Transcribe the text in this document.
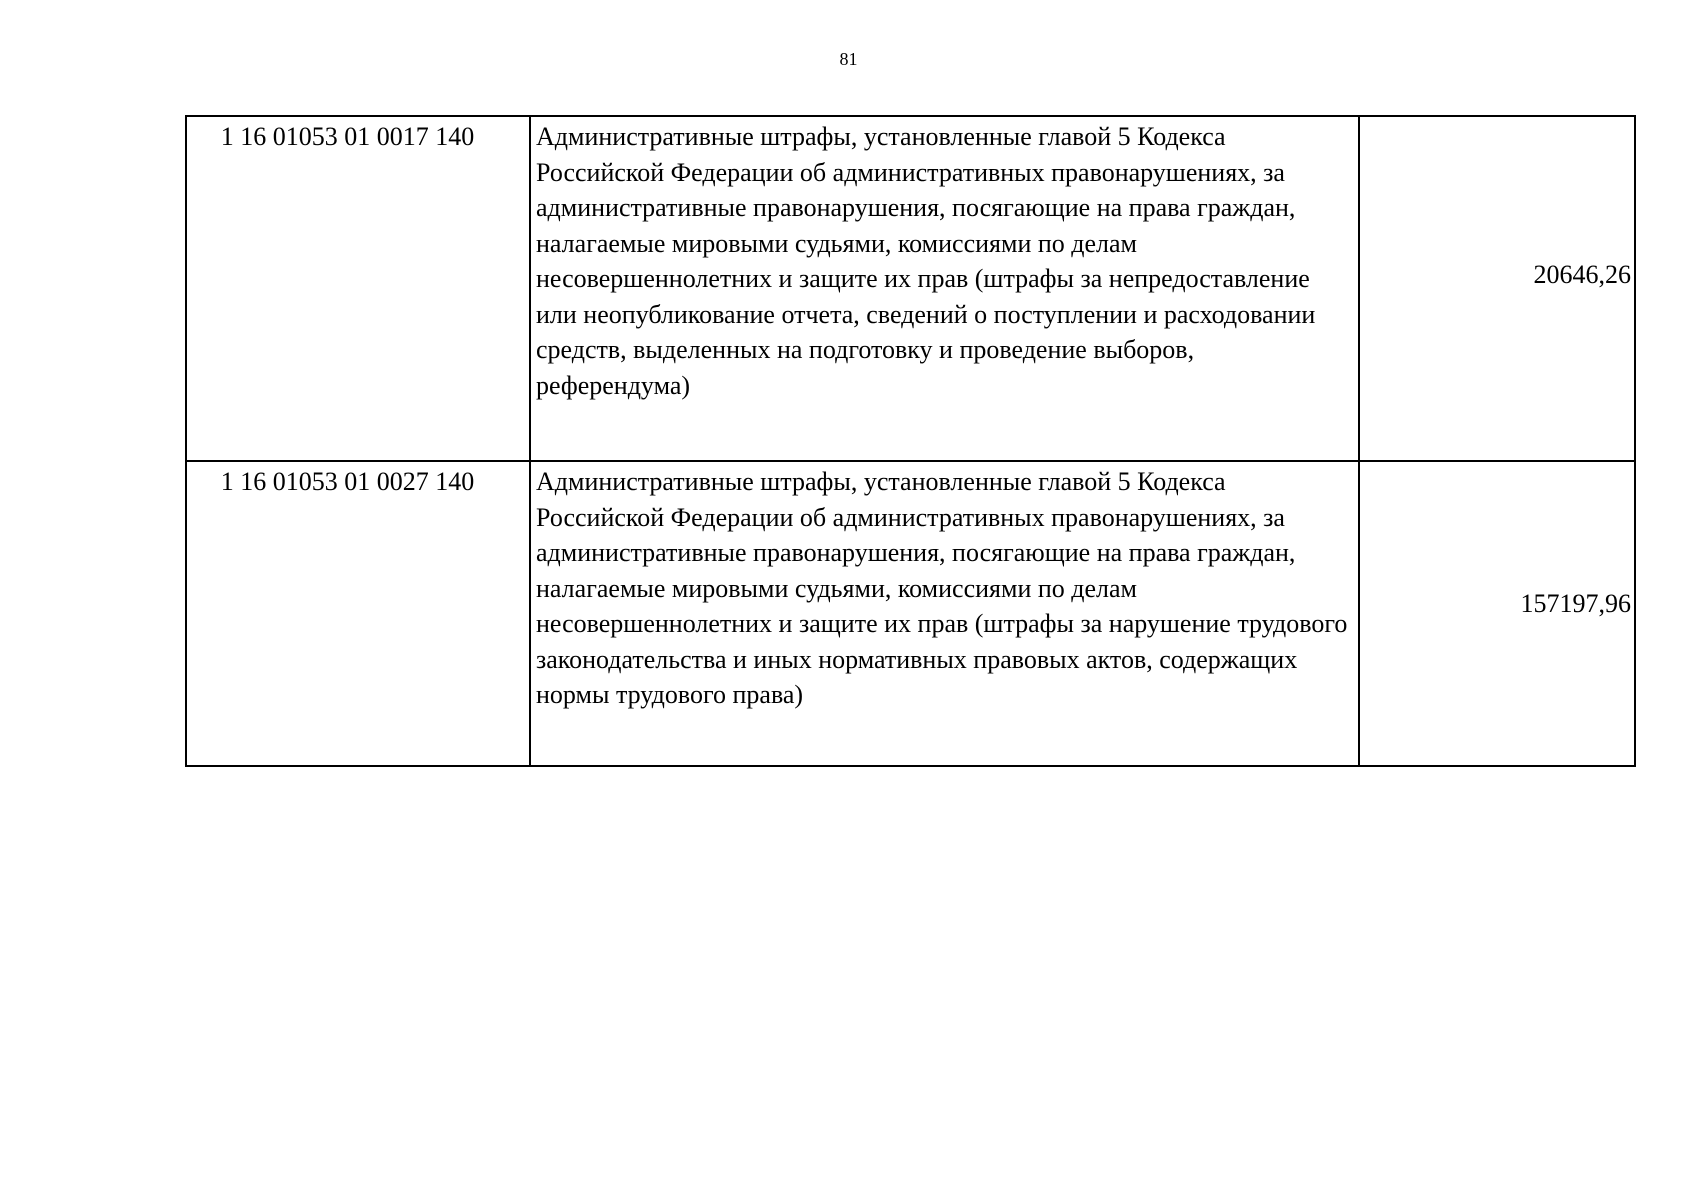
81
1 16 01053 01 0017 140	Административные штрафы, установленные главой 5 Кодекса Российской Федерации об административных правонарушениях, за административные правонарушения, посягающие на права граждан, налагаемые мировыми судьями, комиссиями по делам несовершеннолетних и защите их прав (штрафы за непредоставление или неопубликование отчета, сведений о поступлении и расходовании средств, выделенных на подготовку и проведение выборов, референдума)	20646,26
1 16 01053 01 0027 140	Административные штрафы, установленные главой 5 Кодекса Российской Федерации об административных правонарушениях, за административные правонарушения, посягающие на права граждан, налагаемые мировыми судьями, комиссиями по делам несовершеннолетних и защите их прав (штрафы за нарушение трудового законодательства и иных нормативных правовых актов, содержащих нормы трудового права)	157197,96
